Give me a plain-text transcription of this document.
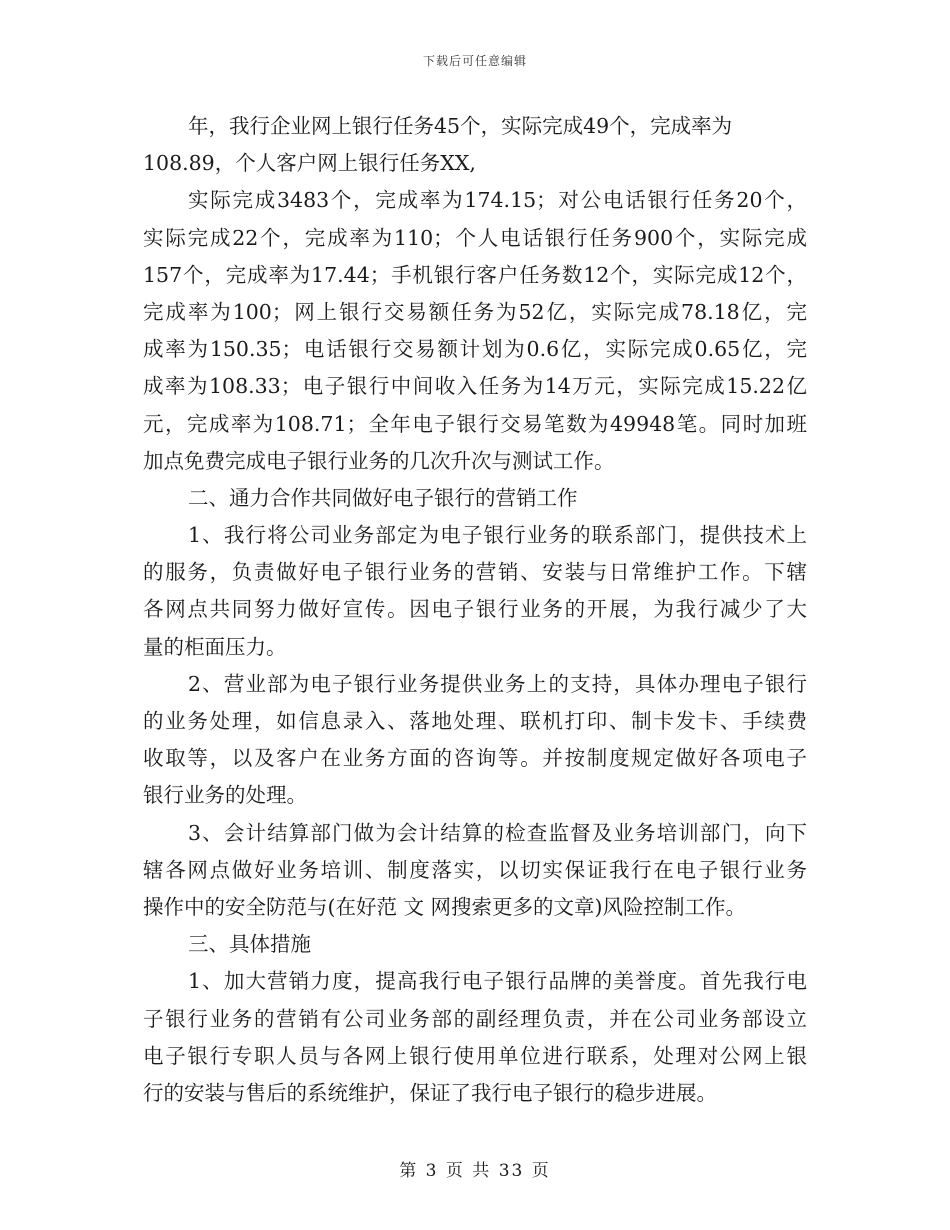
下载后可任意编辑
年，我行企业网上银行任务45个，实际完成49个，完成率为
108.89，个人客户网上银行任务XX,
实际完成3483个，完成率为174.15；对公电话银行任务20个，
实际完成22个，完成率为110；个人电话银行任务900个，实际完成
157个，完成率为17.44；手机银行客户任务数12个，实际完成12个，
完成率为100；网上银行交易额任务为52亿，实际完成78.18亿，完
成率为150.35；电话银行交易额计划为0.6亿，实际完成0.65亿，完
成率为108.33；电子银行中间收入任务为14万元，实际完成15.22亿
元，完成率为108.71；全年电子银行交易笔数为49948笔。同时加班
加点免费完成电子银行业务的几次升次与测试工作。
二、通力合作共同做好电子银行的营销工作
1、我行将公司业务部定为电子银行业务的联系部门，提供技术上
的服务，负责做好电子银行业务的营销、安装与日常维护工作。下辖
各网点共同努力做好宣传。因电子银行业务的开展，为我行减少了大
量的柜面压力。
2、营业部为电子银行业务提供业务上的支持，具体办理电子银行
的业务处理，如信息录入、落地处理、联机打印、制卡发卡、手续费
收取等，以及客户在业务方面的咨询等。并按制度规定做好各项电子
银行业务的处理。
3、会计结算部门做为会计结算的检查监督及业务培训部门，向下
辖各网点做好业务培训、制度落实，以切实保证我行在电子银行业务
操作中的安全防范与(在好范 文 网搜索更多的文章)风险控制工作。
三、具体措施
1、加大营销力度，提高我行电子银行品牌的美誉度。首先我行电
子银行业务的营销有公司业务部的副经理负责，并在公司业务部设立
电子银行专职人员与各网上银行使用单位进行联系，处理对公网上银
行的安装与售后的系统维护，保证了我行电子银行的稳步进展。
第 3 页 共 33 页
